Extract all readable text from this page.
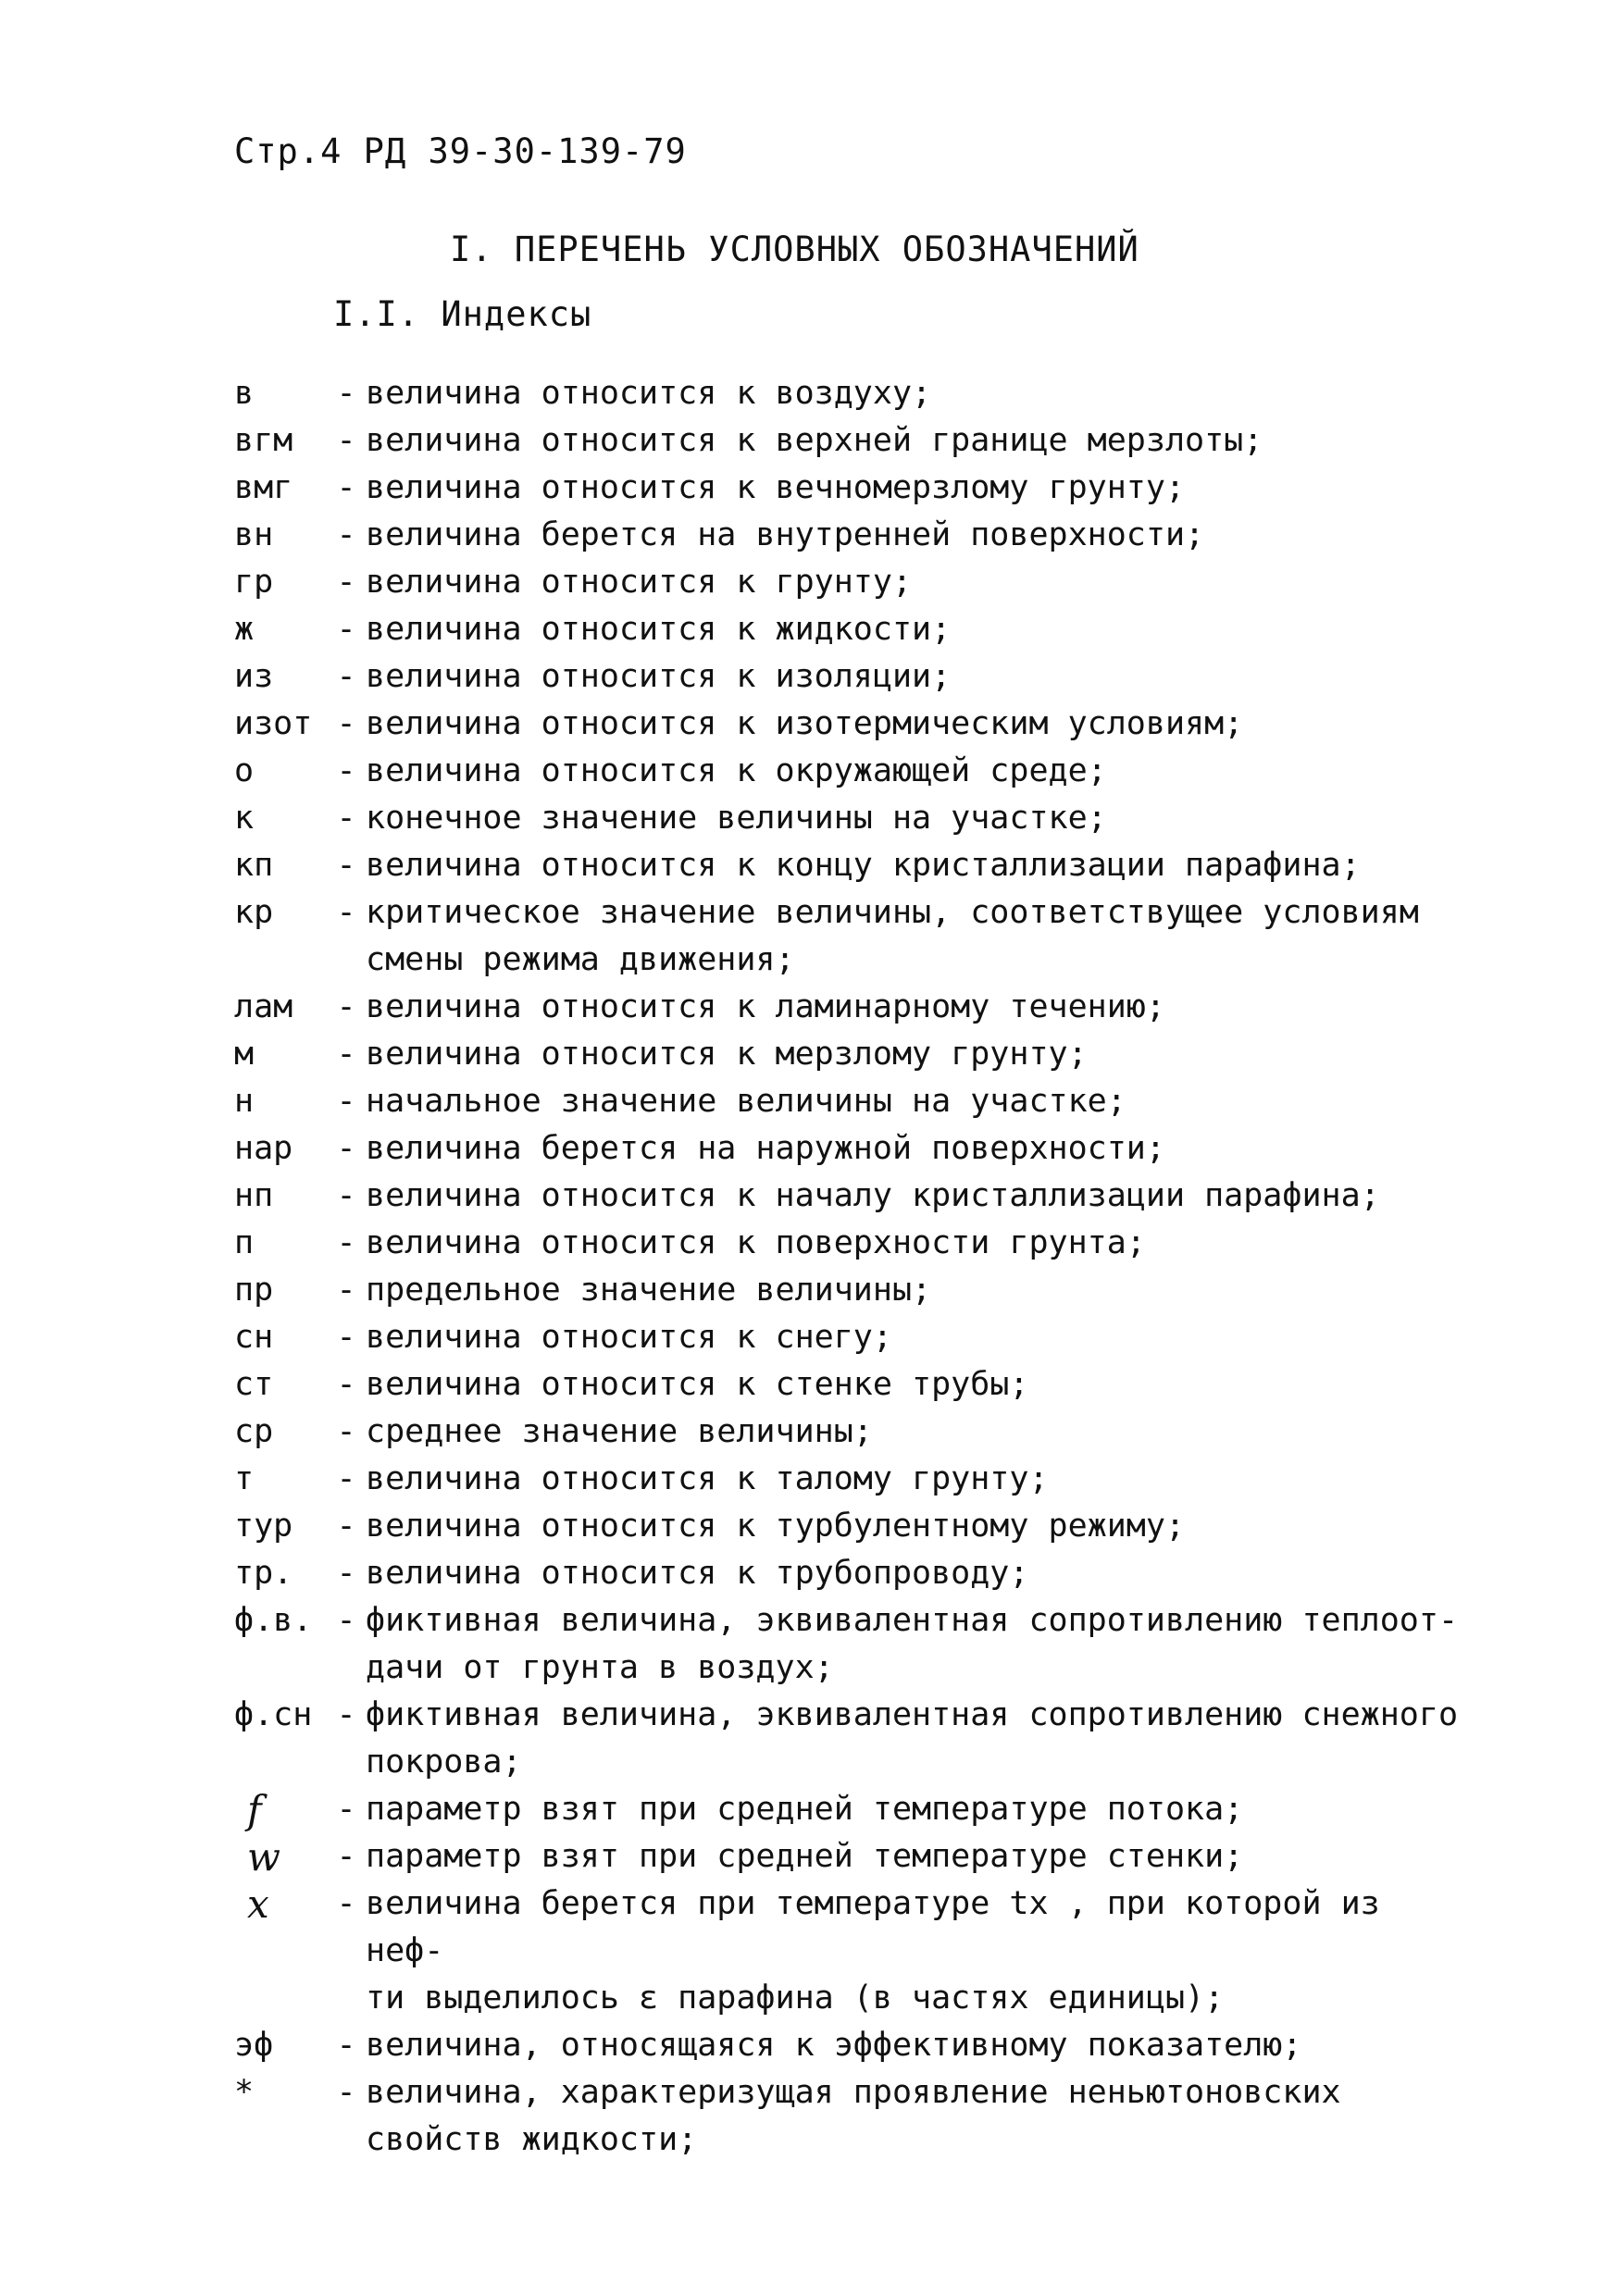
Стр.4 РД 39-30-139-79
I. ПЕРЕЧЕНЬ УСЛОВНЫХ ОБОЗНАЧЕНИЙ
I.I. Индексы
в	- величина относится к воздуху;
вгм	- величина относится к верхней границе мерзлоты;
вмг	- величина относится к вечномерзлому грунту;
вн	- величина берется на внутренней поверхности;
гр	- величина относится к грунту;
ж	- величина относится к жидкости;
из	- величина относится к изоляции;
изот - величина относится к изотермическим условиям;
о	- величина относится к окружающей среде;
к	- конечное значение величины на участке;
кп	- величина относится к концу кристаллизации парафина;
кр	- критическое значение величины, соответствущее условиям
смены режима движения;
лам	- величина относится к ламинарному течению;
м	- величина относится к мерзлому грунту;
н	- начальное значение величины на участке;
нар	- величина берется на наружной поверхности;
нп	- величина относится к началу кристаллизации парафина;
п	- величина относится к поверхности грунта;
пр	- предельное значение величины;
сн	- величина относится к снегу;
ст	- величина относится к стенке трубы;
ср	- среднее значение величины;
т	- величина относится к талому грунту;
тур	- величина относится к турбулентному режиму;
тр.	- величина относится к трубопроводу;
ф.в. - фиктивная величина, эквивалентная сопротивлению теплоот-
дачи от грунта в воздух;
ф.сн - фиктивная величина, эквивалентная сопротивлению снежного
покрова;
f	- параметр взят при средней температуре потока;
w	- параметр взят при средней температуре стенки;
x	- величина берется при температуре tx , при которой из неф-
ти выделилось ε парафина (в частях единицы);
эф	- величина, относящаяся к эффективному показателю;
*	- величина, характеризущая проявление неньютоновских
свойств жидкости;
